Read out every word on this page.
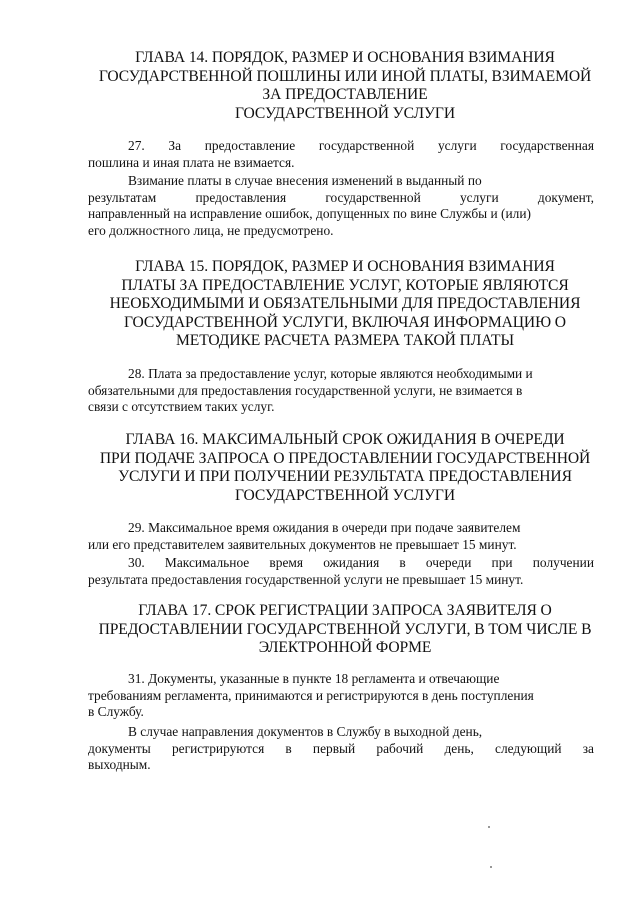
ГЛАВА 14. ПОРЯДОК, РАЗМЕР И ОСНОВАНИЯ ВЗИМАНИЯ
ГОСУДАРСТВЕННОЙ ПОШЛИНЫ ИЛИ ИНОЙ ПЛАТЫ, ВЗИМАЕМОЙ
ЗА ПРЕДОСТАВЛЕНИЕ
ГОСУДАРСТВЕННОЙ УСЛУГИ
27. За предоставление государственной услуги государственная
пошлина и иная плата не взимается.
Взимание платы в случае внесения изменений в выданный по
результатам предоставления государственной услуги документ,
направленный на исправление ошибок, допущенных по вине Службы и (или)
его должностного лица, не предусмотрено.
ГЛАВА 15. ПОРЯДОК, РАЗМЕР И ОСНОВАНИЯ ВЗИМАНИЯ
ПЛАТЫ ЗА ПРЕДОСТАВЛЕНИЕ УСЛУГ, КОТОРЫЕ ЯВЛЯЮТСЯ
НЕОБХОДИМЫМИ И ОБЯЗАТЕЛЬНЫМИ ДЛЯ ПРЕДОСТАВЛЕНИЯ
ГОСУДАРСТВЕННОЙ УСЛУГИ, ВКЛЮЧАЯ ИНФОРМАЦИЮ О
МЕТОДИКЕ РАСЧЕТА РАЗМЕРА ТАКОЙ ПЛАТЫ
28. Плата за предоставление услуг, которые являются необходимыми и
обязательными для предоставления государственной услуги, не взимается в
связи с отсутствием таких услуг.
ГЛАВА 16. МАКСИМАЛЬНЫЙ СРОК ОЖИДАНИЯ В ОЧЕРЕДИ
ПРИ ПОДАЧЕ ЗАПРОСА О ПРЕДОСТАВЛЕНИИ ГОСУДАРСТВЕННОЙ
УСЛУГИ И ПРИ ПОЛУЧЕНИИ РЕЗУЛЬТАТА ПРЕДОСТАВЛЕНИЯ
ГОСУДАРСТВЕННОЙ УСЛУГИ
29. Максимальное время ожидания в очереди при подаче заявителем
или его представителем заявительных документов не превышает 15 минут.
30. Максимальное время ожидания в очереди при получении
результата предоставления государственной услуги не превышает 15 минут.
ГЛАВА 17. СРОК РЕГИСТРАЦИИ ЗАПРОСА ЗАЯВИТЕЛЯ О
ПРЕДОСТАВЛЕНИИ ГОСУДАРСТВЕННОЙ УСЛУГИ, В ТОМ ЧИСЛЕ В
ЭЛЕКТРОННОЙ ФОРМЕ
31. Документы, указанные в пункте 18 регламента и отвечающие
требованиям регламента, принимаются и регистрируются в день поступления
в Службу.
В случае направления документов в Службу в выходной день,
документы регистрируются в первый рабочий день, следующий за
выходным.
